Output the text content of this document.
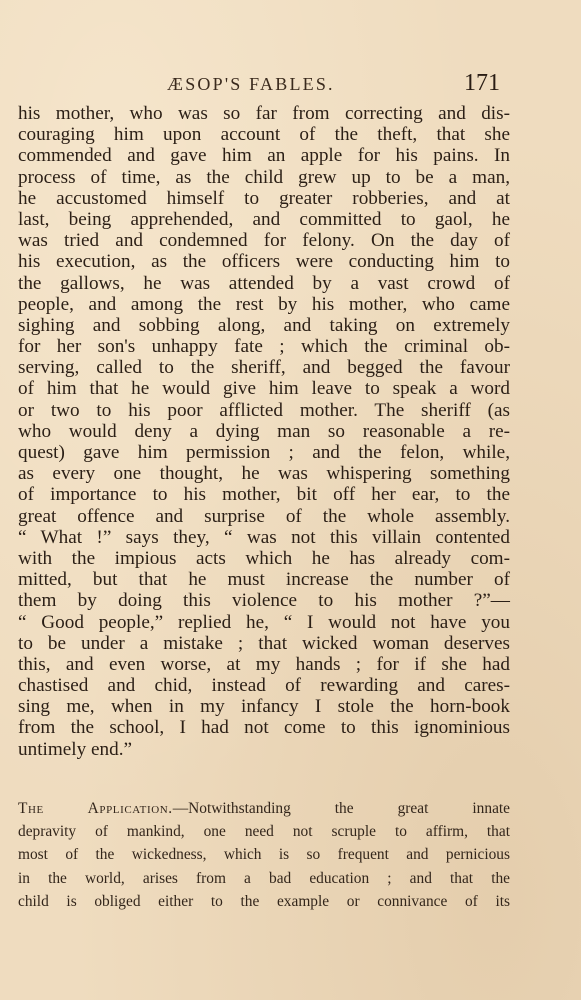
ÆSOP'S FABLES.	171
his mother, who was so far from correcting and dis-
couraging him upon account of the theft, that she
commended and gave him an apple for his pains. In
process of time, as the child grew up to be a man,
he accustomed himself to greater robberies, and at
last, being apprehended, and committed to gaol, he
was tried and condemned for felony. On the day of
his execution, as the officers were conducting him to
the gallows, he was attended by a vast crowd of
people, and among the rest by his mother, who came
sighing and sobbing along, and taking on extremely
for her son's unhappy fate ; which the criminal ob-
serving, called to the sheriff, and begged the favour
of him that he would give him leave to speak a word
or two to his poor afflicted mother. The sheriff (as
who would deny a dying man so reasonable a re-
quest) gave him permission ; and the felon, while,
as every one thought, he was whispering something
of importance to his mother, bit off her ear, to the
great offence and surprise of the whole assembly.
“ What !” says they, “ was not this villain contented
with the impious acts which he has already com-
mitted, but that he must increase the number of
them by doing this violence to his mother ?”—
“ Good people,” replied he, “ I would not have you
to be under a mistake ; that wicked woman deserves
this, and even worse, at my hands ; for if she had
chastised and chid, instead of rewarding and cares-
sing me, when in my infancy I stole the horn-book
from the school, I had not come to this ignominious
untimely end.”
The Application.—Notwithstanding the great innate
depravity of mankind, one need not scruple to affirm, that
most of the wickedness, which is so frequent and pernicious
in the world, arises from a bad education ; and that the
child is obliged either to the example or connivance of its
